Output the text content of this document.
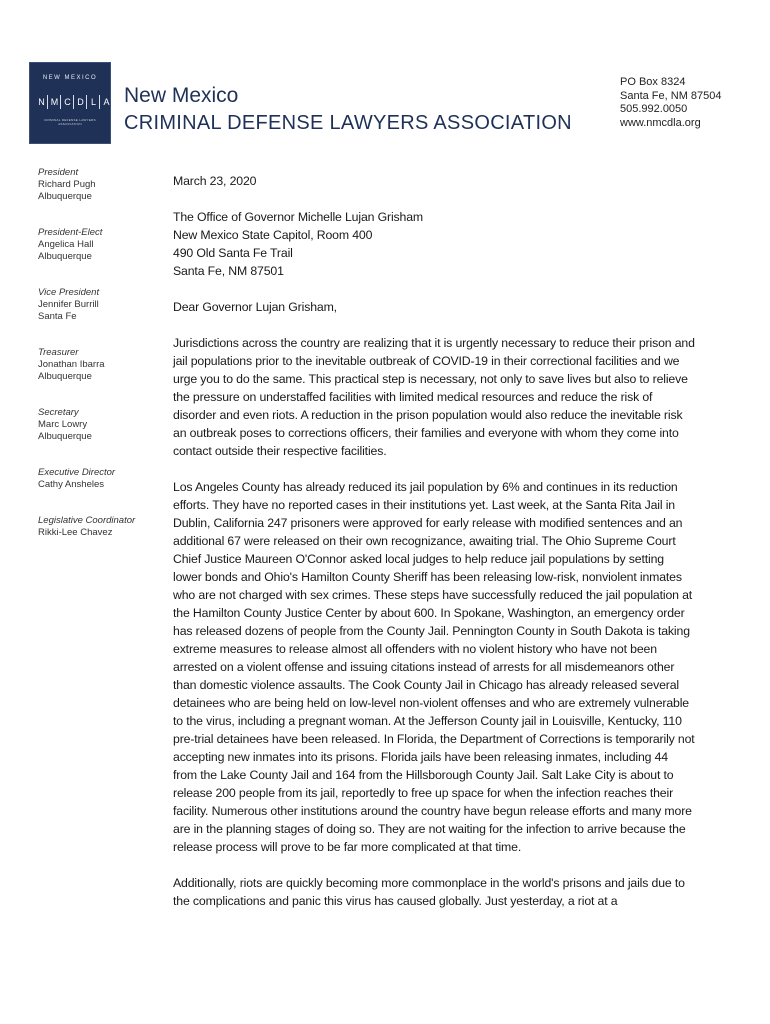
NEW MEXICO
N M C D L A
CRIMINAL DEFENSE LAWYERS ASSOCIATION
New Mexico
CRIMINAL DEFENSE LAWYERS ASSOCIATION
PO Box 8324
Santa Fe, NM 87504
505.992.0050
www.nmcdla.org
President
Richard Pugh
Albuquerque
President-Elect
Angelica Hall
Albuquerque
Vice President
Jennifer Burrill
Santa Fe
Treasurer
Jonathan Ibarra
Albuquerque
Secretary
Marc Lowry
Albuquerque
Executive Director
Cathy Ansheles
Legislative Coordinator
Rikki-Lee Chavez

March 23, 2020

The Office of Governor Michelle Lujan Grisham

New Mexico State Capitol, Room 400

490 Old Santa Fe Trail

Santa Fe, NM 87501

Dear Governor Lujan Grisham,

Jurisdictions across the country are realizing that it is urgently necessary to reduce their prison and jail populations prior to the inevitable outbreak of COVID-19 in their correctional facilities and we urge you to do the same. This practical step is necessary, not only to save lives but also to relieve the pressure on understaffed facilities with limited medical resources and reduce the risk of disorder and even riots. A reduction in the prison population would also reduce the inevitable risk an outbreak poses to corrections officers, their families and everyone with whom they come into contact outside their respective facilities.

Los Angeles County has already reduced its jail population by 6% and continues in its reduction efforts. They have no reported cases in their institutions yet. Last week, at the Santa Rita Jail in Dublin, California 247 prisoners were approved for early release with modified sentences and an additional 67 were released on their own recognizance, awaiting trial. The Ohio Supreme Court Chief Justice Maureen O'Connor asked local judges to help reduce jail populations by setting lower bonds and Ohio's Hamilton County Sheriff has been releasing low-risk, nonviolent inmates who are not charged with sex crimes. These steps have successfully reduced the jail population at the Hamilton County Justice Center by about 600. In Spokane, Washington, an emergency order has released dozens of people from the County Jail. Pennington County in South Dakota is taking extreme measures to release almost all offenders with no violent history who have not been arrested on a violent offense and issuing citations instead of arrests for all misdemeanors other than domestic violence assaults. The Cook County Jail in Chicago has already released several detainees who are being held on low-level non-violent offenses and who are extremely vulnerable to the virus, including a pregnant woman. At the Jefferson County jail in Louisville, Kentucky, 110 pre-trial detainees have been released. In Florida, the Department of Corrections is temporarily not accepting new inmates into its prisons. Florida jails have been releasing inmates, including 44 from the Lake County Jail and 164 from the Hillsborough County Jail. Salt Lake City is about to release 200 people from its jail, reportedly to free up space for when the infection reaches their facility. Numerous other institutions around the country have begun release efforts and many more are in the planning stages of doing so. They are not waiting for the infection to arrive because the release process will prove to be far more complicated at that time.

Additionally, riots are quickly becoming more commonplace in the world's prisons and jails due to the complications and panic this virus has caused globally. Just yesterday, a riot at a
